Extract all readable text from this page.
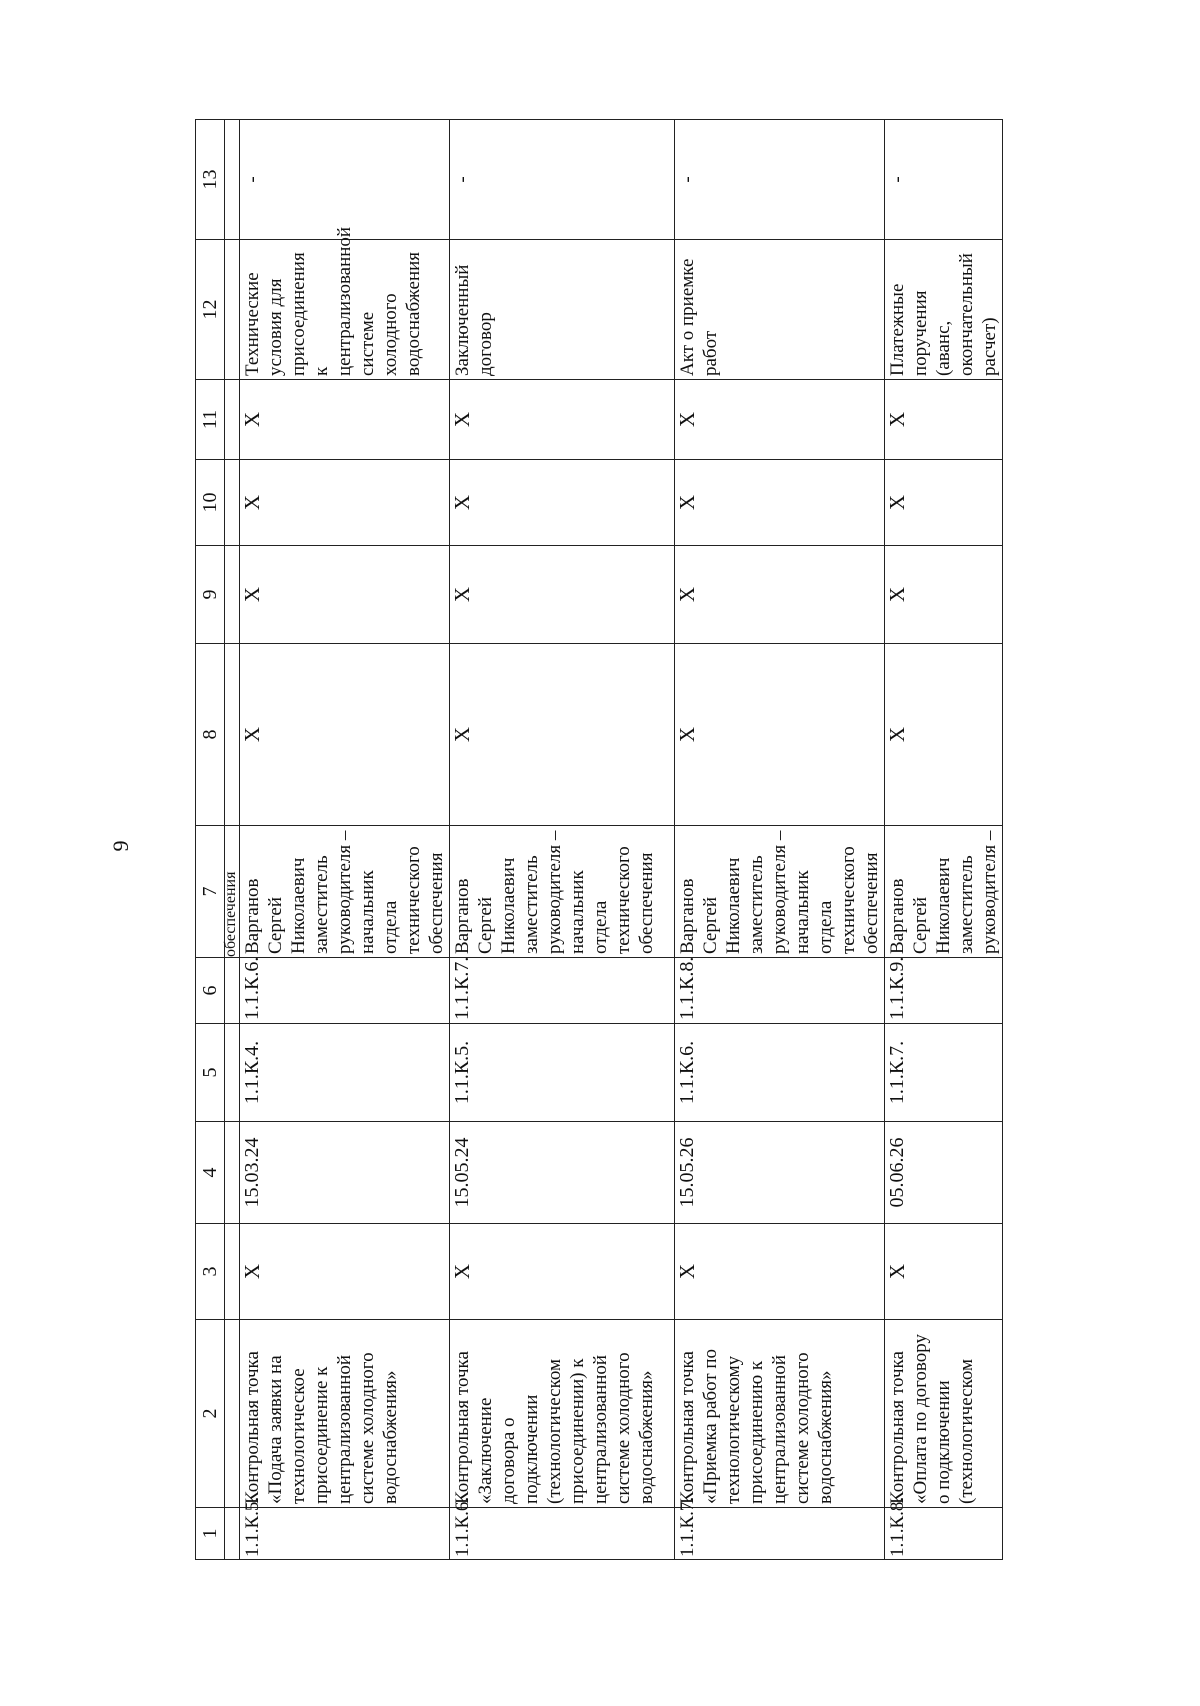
9
1	2	3	4	5	6	7	8	9	10	11	12	13
						обеспечения						
1.1.К.5.	Контрольная точка «Подача заявки на технологическое присоединение к централизованной системе холодного водоснабжения»	Х	15.03.24	1.1.К.4.	1.1.К.6.	Варганов Сергей Николаевич заместитель руководителя – начальник отдела технического обеспечения	Х	Х	Х	Х	Технические условия для присоединения к централизованной системе холодного водоснабжения	-
1.1.К.6.	Контрольная точка «Заключение договора о подключении (технологическом присоединении) к централизованной системе холодного водоснабжения»	Х	15.05.24	1.1.К.5.	1.1.К.7.	Варганов Сергей Николаевич заместитель руководителя – начальник отдела технического обеспечения	Х	Х	Х	Х	Заключенный договор	-
1.1.К.7.	Контрольная точка «Приемка работ по технологическому присоединению к централизованной системе холодного водоснабжения»	Х	15.05.26	1.1.К.6.	1.1.К.8.	Варганов Сергей Николаевич заместитель руководителя – начальник отдела технического обеспечения	Х	Х	Х	Х	Акт о приемке работ	-
1.1.К.8.	Контрольная точка «Оплата по договору о подключении (технологическом	Х	05.06.26	1.1.К.7.	1.1.К.9.	Варганов Сергей Николаевич заместитель руководителя –	Х	Х	Х	Х	Платежные поручения (аванс, окончательный расчет)	-
